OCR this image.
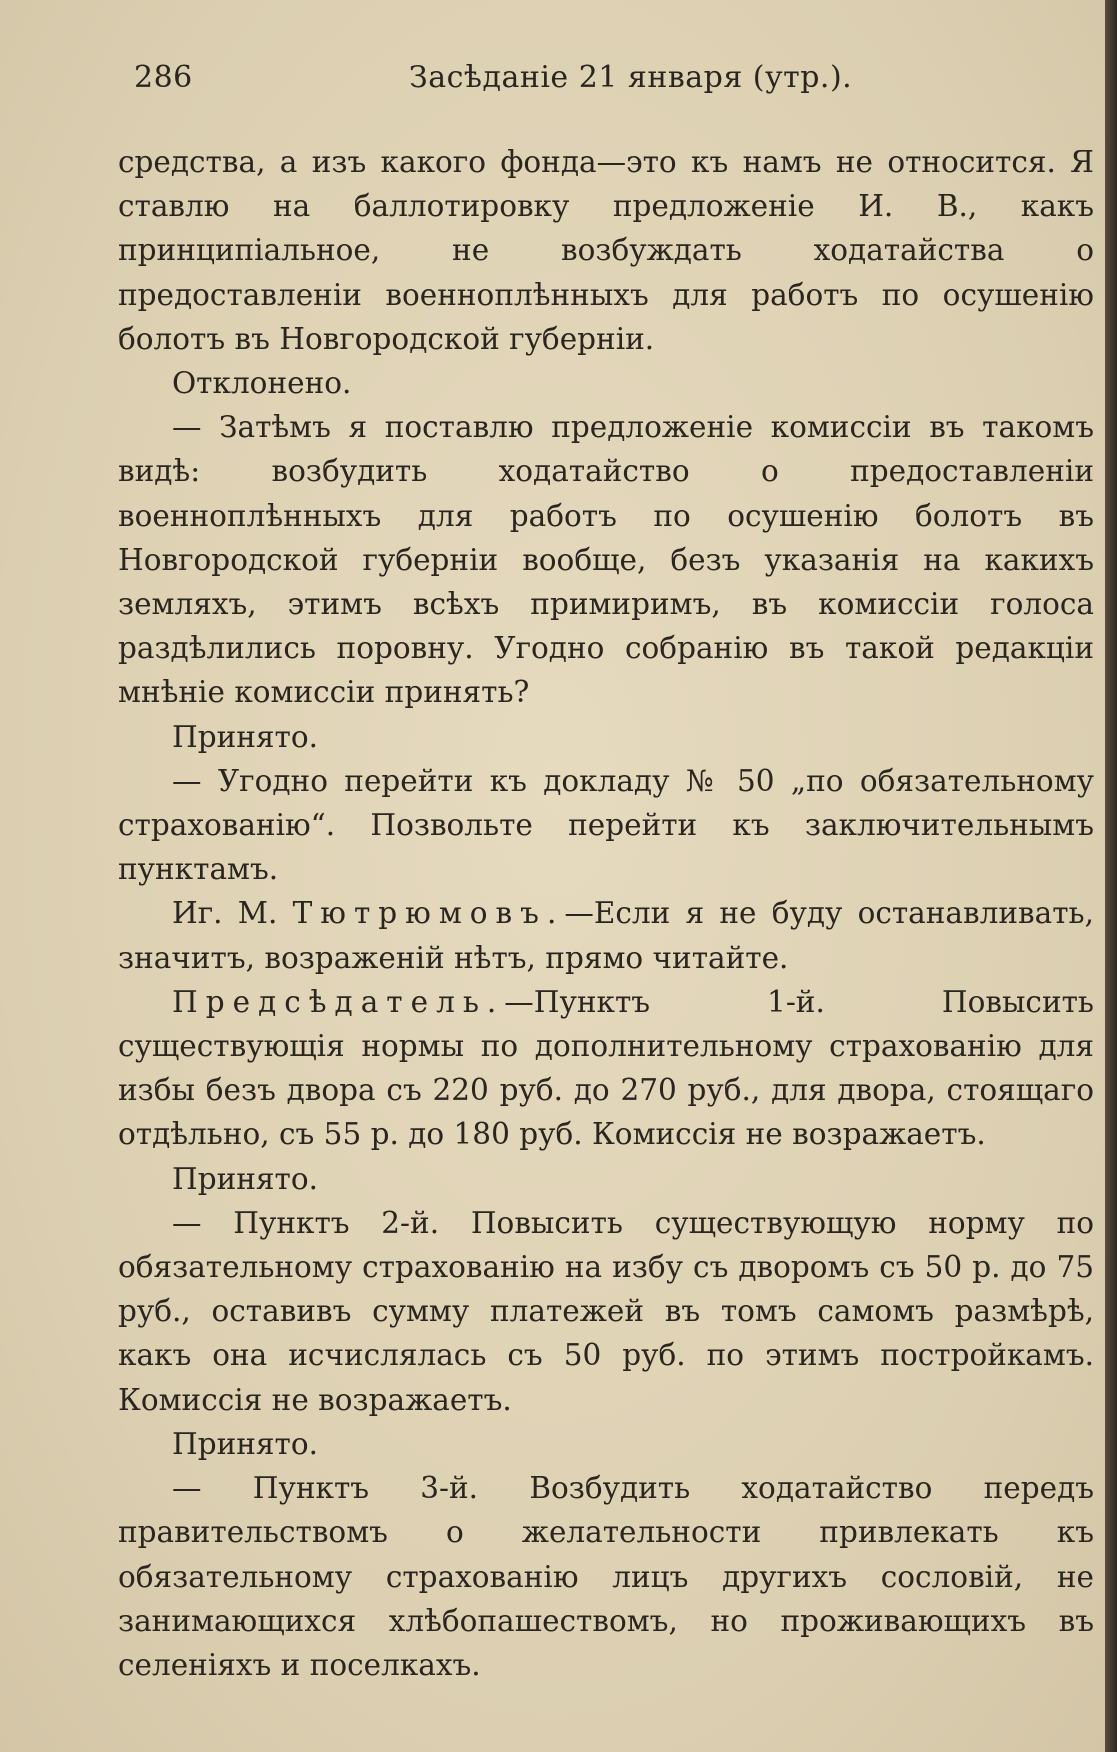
286	Засѣданіе 21 января (утр.).

средства, а изъ какого фонда—это къ намъ не относится. Я ставлю на баллотировку предложеніе И. В., какъ принципіальное, не возбуждать ходатайства о предоставленіи военноплѣнныхъ для работъ по осушенію болотъ въ Новгородской губерніи.

Отклонено.

— Затѣмъ я поставлю предложеніе комиссіи въ такомъ видѣ: возбудить ходатайство о предоставленіи военноплѣнныхъ для работъ по осушенію болотъ въ Новгородской губерніи вообще, безъ указанія на какихъ земляхъ, этимъ всѣхъ примиримъ, въ комиссіи голоса раздѣлились поровну. Угодно собранію въ такой редакціи мнѣніе комиссіи принять?

Принято.

— Угодно перейти къ докладу № 50 „по обязательному страхованію“. Позвольте перейти къ заключительнымъ пунктамъ.

Иг. М. Тютрюмовъ.—Если я не буду останавливать, значитъ, возраженій нѣтъ, прямо читайте.

Предсѣдатель.—Пунктъ 1-й. Повысить существующія нормы по дополнительному страхованію для избы безъ двора съ 220 руб. до 270 руб., для двора, стоящаго отдѣльно, съ 55 р. до 180 руб. Комиссія не возражаетъ.

Принято.

— Пунктъ 2-й. Повысить существующую норму по обязательному страхованію на избу съ дворомъ съ 50 р. до 75 руб., оставивъ сумму платежей въ томъ самомъ размѣрѣ, какъ она исчислялась съ 50 руб. по этимъ постройкамъ. Комиссія не возражаетъ.

Принято.

— Пунктъ 3-й. Возбудить ходатайство передъ правительствомъ о желательности привлекать къ обязательному страхованію лицъ другихъ сословій, не занимающихся хлѣбопашествомъ, но проживающихъ въ селеніяхъ и поселкахъ.
